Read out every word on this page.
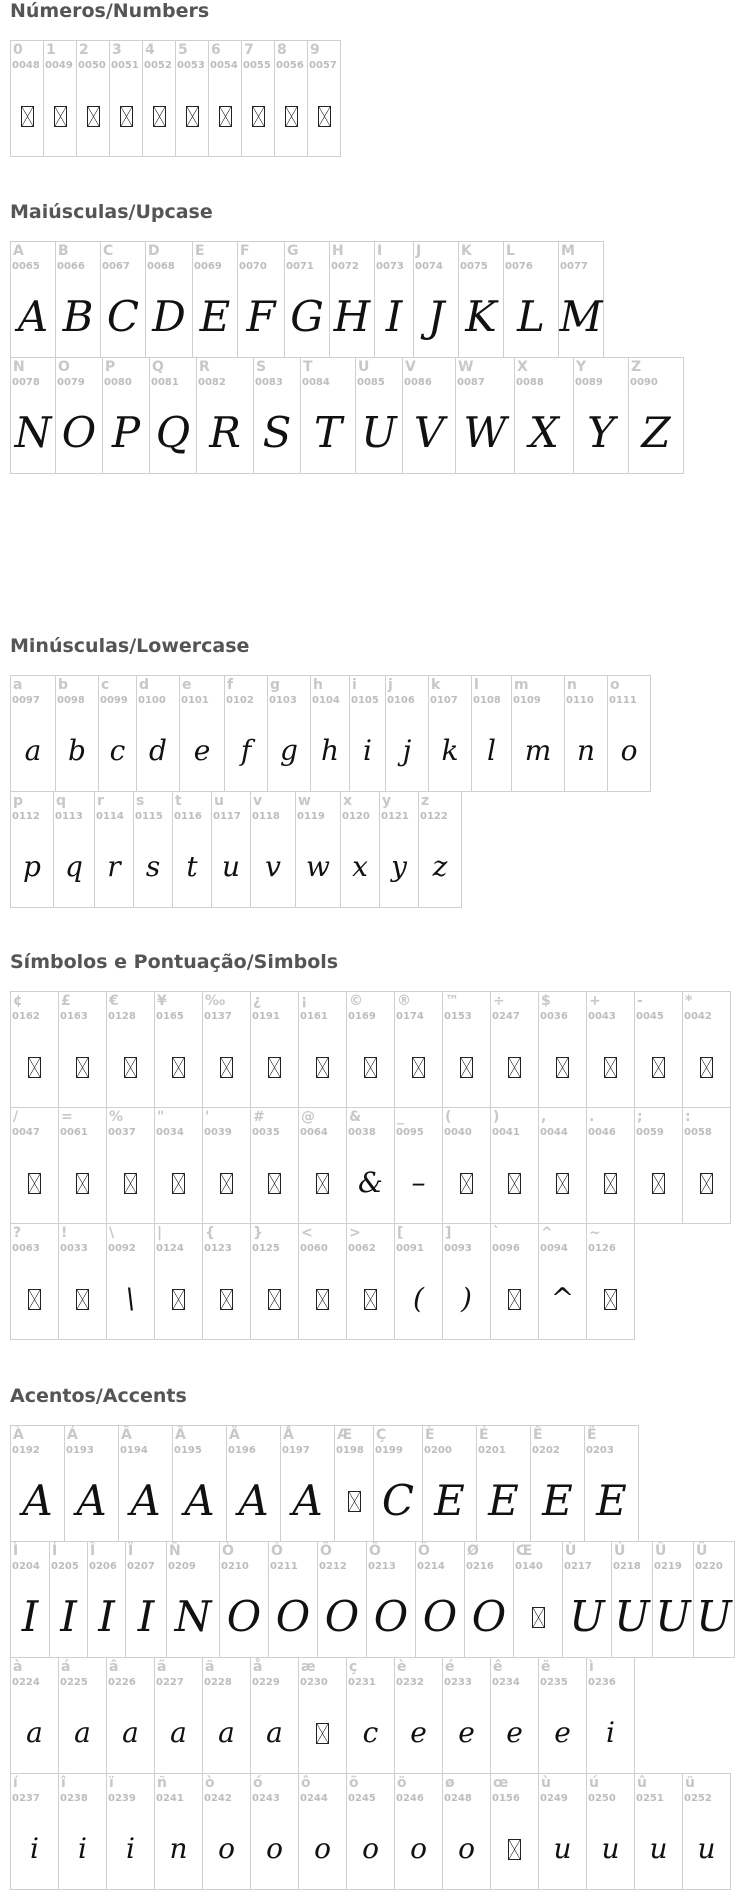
Números/Numbers
0
0048
1
0049
2
0050
3
0051
4
0052
5
0053
6
0054
7
0055
8
0056
9
0057
Maiúsculas/Upcase
A
0065
A
B
0066
B
C
0067
C
D
0068
D
E
0069
E
F
0070
F
G
0071
G
H
0072
H
I
0073
I
J
0074
J
K
0075
K
L
0076
L
M
0077
M
N
0078
N
O
0079
O
P
0080
P
Q
0081
Q
R
0082
R
S
0083
S
T
0084
T
U
0085
U
V
0086
V
W
0087
W
X
0088
X
Y
0089
Y
Z
0090
Z
Minúsculas/Lowercase
a
0097
a
b
0098
b
c
0099
c
d
0100
d
e
0101
e
f
0102
f
g
0103
g
h
0104
h
i
0105
i
j
0106
j
k
0107
k
l
0108
l
m
0109
m
n
0110
n
o
0111
o
p
0112
p
q
0113
q
r
0114
r
s
0115
s
t
0116
t
u
0117
u
v
0118
v
w
0119
w
x
0120
x
y
0121
y
z
0122
z
Símbolos e Pontuação/Simbols
¢
0162
£
0163
€
0128
¥
0165
‰
0137
¿
0191
¡
0161
©
0169
®
0174
™
0153
÷
0247
$
0036
+
0043
-
0045
*
0042
/
0047
=
0061
%
0037
"
0034
'
0039
#
0035
@
0064
&
0038
&
_
0095
–
(
0040
)
0041
,
0044
.
0046
;
0059
:
0058
?
0063
!
0033
\
0092
\
|
0124
{
0123
}
0125
<
0060
>
0062
[
0091
(
]
0093
)
`
0096
^
0094
^
~
0126
Acentos/Accents
À
0192
A
Á
0193
A
Â
0194
A
Ã
0195
A
Ä
0196
A
Å
0197
A
Æ
0198
Ç
0199
C
È
0200
E
É
0201
E
Ê
0202
E
Ë
0203
E
Ì
0204
I
Í
0205
I
Î
0206
I
Ï
0207
I
Ñ
0209
N
Ò
0210
O
Ó
0211
O
Ô
0212
O
Õ
0213
O
Ö
0214
O
Ø
0216
O
Œ
0140
Ù
0217
U
Ú
0218
U
Û
0219
U
Ü
0220
U
à
0224
a
á
0225
a
â
0226
a
ã
0227
a
ä
0228
a
å
0229
a
æ
0230
ç
0231
c
è
0232
e
é
0233
e
ê
0234
e
ë
0235
e
ì
0236
i
í
0237
i
î
0238
i
ï
0239
i
ñ
0241
n
ò
0242
o
ó
0243
o
ô
0244
o
õ
0245
o
ö
0246
o
ø
0248
o
œ
0156
ù
0249
u
ú
0250
u
û
0251
u
ü
0252
u
